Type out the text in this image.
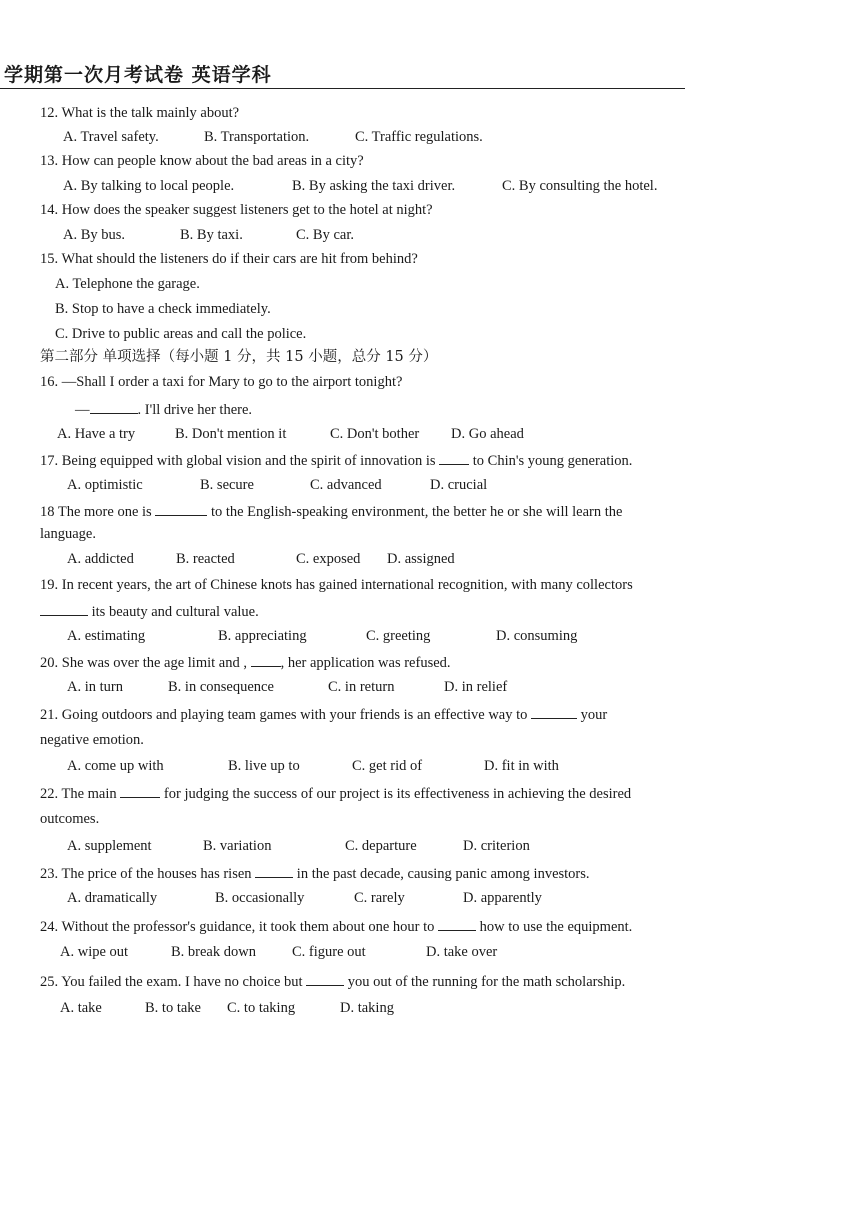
学期第一次月考试卷 英语学科
12. What is the talk mainly about?
A. Travel safety.	B. Transportation.	C. Traffic regulations.
13. How can people know about the bad areas in a city?
A. By talking to local people.	B. By asking the taxi driver.	C. By consulting the hotel.
14. How does the speaker suggest listeners get to the hotel at night?
A. By bus.	B. By taxi.	C. By car.
15. What should the listeners do if their cars are hit from behind?
A. Telephone the garage.
B. Stop to have a check immediately.
C. Drive to public areas and call the police.
第二部分 单项选择（每小题 1 分，共 15 小题，总分 15 分）
16. —Shall I order a taxi for Mary to go to the airport tonight?
—	. I'll drive her there.
A. Have a try	B. Don't mention it	C. Don't bother D. Go ahead
17. Being equipped with global vision and the spirit of innovation is	to Chin's young generation.
A. optimistic	B. secure	C. advanced	D. crucial
18 The more one is	to the English-speaking environment, the better he or she will learn the
language.
A. addicted	B. reacted	C. exposed D. assigned
19. In recent years, the art of Chinese knots has gained international recognition, with many collectors
its beauty and cultural value.
A. estimating	B. appreciating	C. greeting	D. consuming
20. She was over the age limit and , , her application was refused.
A. in turn	B. in consequence	C. in return	D. in relief
21. Going outdoors and playing team games with your friends is an effective way to	your
negative emotion.
A. come up with	B. live up to	C. get rid of	D. fit in with
22. The main	for judging the success of our project is its effectiveness in achieving the desired
outcomes.
A. supplement	B. variation	C. departure	D. criterion
23. The price of the houses has risen	in the past decade, causing panic among investors.
A. dramatically	B. occasionally	C. rarely	D. apparently
24. Without the professor's guidance, it took them about one hour to	how to use the equipment.
A. wipe out	B. break down C. figure out	D. take over
25. You failed the exam. I have no choice but	you out of the running for the math scholarship.
A. take	B. to take C. to taking	D. taking
